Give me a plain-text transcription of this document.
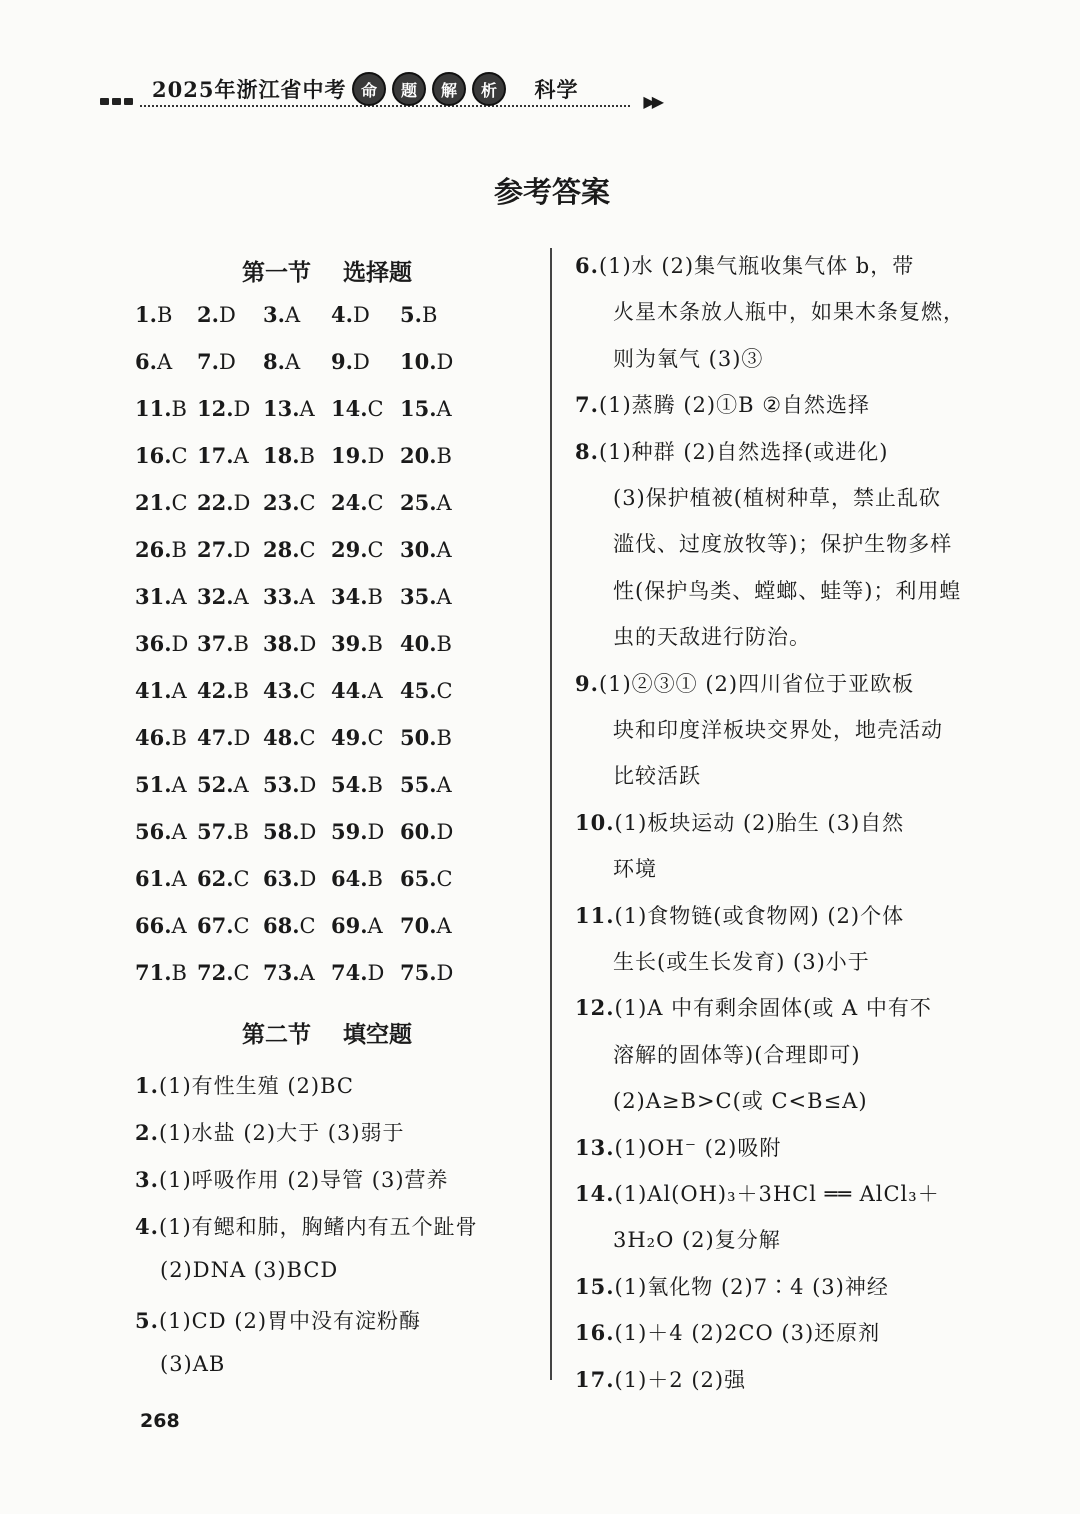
2025年浙江省中考 命	题	解	析	科学	▶▶
参考答案
第一节    选择题
1.B 2.D 3.A 4.D 5.B
6.A 7.D 8.A 9.D 10.D
11.B 12.D 13.A 14.C 15.A
16.C 17.A 18.B 19.D 20.B
21.C 22.D 23.C 24.C 25.A
26.B 27.D 28.C 29.C 30.A
31.A 32.A 33.A 34.B 35.A
36.D 37.B 38.D 39.B 40.B
41.A 42.B 43.C 44.A 45.C
46.B 47.D 48.C 49.C 50.B
51.A 52.A 53.D 54.B 55.A
56.A 57.B 58.D 59.D 60.D
61.A 62.C 63.D 64.B 65.C
66.A 67.C 68.C 69.A 70.A
71.B 72.C 73.A 74.D 75.D
第二节    填空题
1.(1)有性生殖 (2)BC
2.(1)水盐 (2)大于 (3)弱于
3.(1)呼吸作用 (2)导管 (3)营养
4.(1)有鳃和肺，胸鳍内有五个趾骨
(2)DNA (3)BCD
5.(1)CD (2)胃中没有淀粉酶
(3)AB
6.(1)水 (2)集气瓶收集气体 b，带
火星木条放人瓶中，如果木条复燃，
则为氧气 (3)③
7.(1)蒸腾 (2)①B ②自然选择
8.(1)种群 (2)自然选择(或进化)
(3)保护植被(植树种草，禁止乱砍
滥伐、过度放牧等)；保护生物多样
性(保护鸟类、螳螂、蛙等)；利用蝗
虫的天敌进行防治。
9.(1)②③① (2)四川省位于亚欧板
块和印度洋板块交界处，地壳活动
比较活跃
10.(1)板块运动 (2)胎生 (3)自然
环境
11.(1)食物链(或食物网) (2)个体
生长(或生长发育) (3)小于
12.(1)A 中有剩余固体(或 A 中有不
溶解的固体等)(合理即可)
(2)A≥B>C(或 C<B≤A)
13.(1)OH⁻ (2)吸附
14.(1)Al(OH)₃＋3HCl ══ AlCl₃＋
3H₂O (2)复分解
15.(1)氧化物 (2)7∶4 (3)神经
16.(1)＋4 (2)2CO (3)还原剂
17.(1)＋2 (2)强
268
